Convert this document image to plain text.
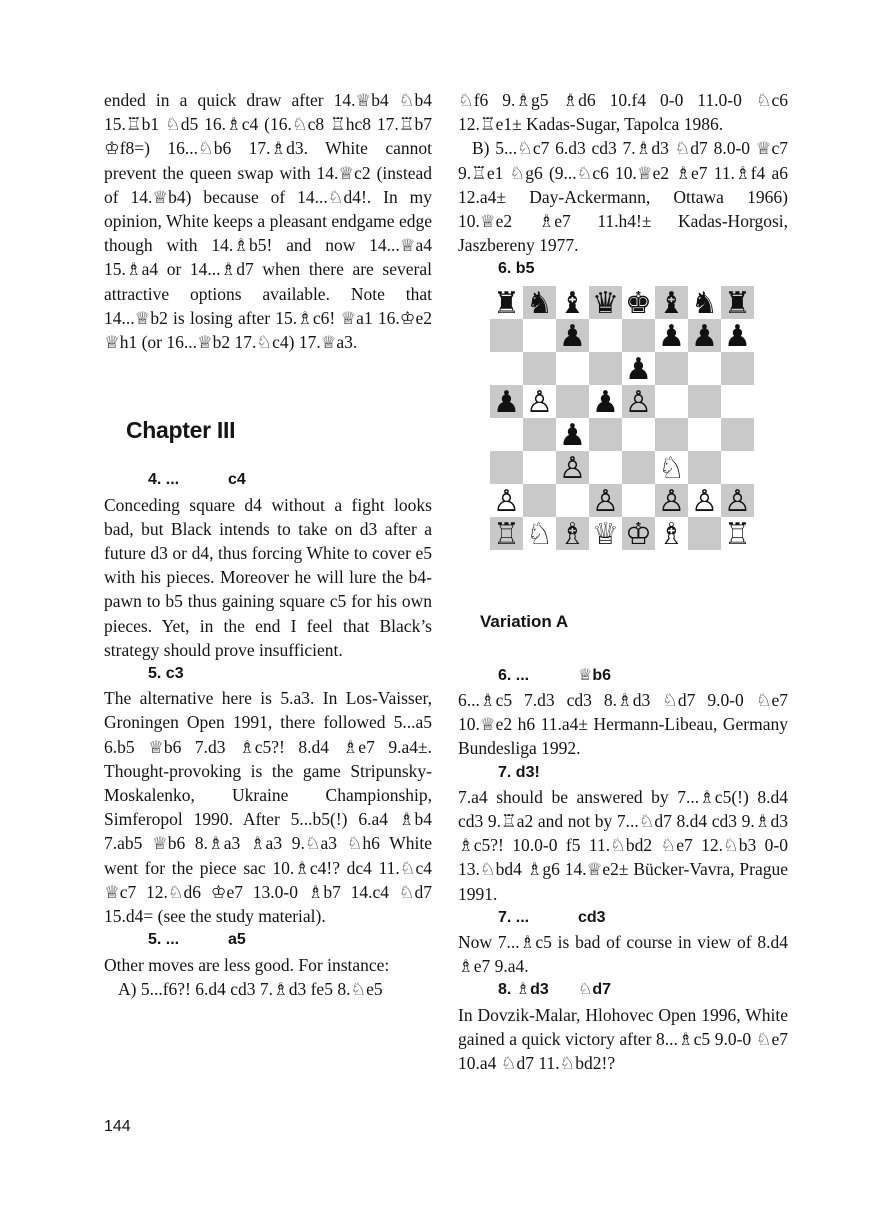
ended in a quick draw after 14.♕b4 ♘b4 15.♖b1 ♘d5 16.♗c4 (16.♘c8 ♖hc8 17.♖b7 ♔f8=) 16...♘b6 17.♗d3. White cannot prevent the queen swap with 14.♕c2 (instead of 14.♕b4) because of 14...♘d4!. In my opinion, White keeps a pleasant endgame edge though with 14.♗b5! and now 14...♕a4 15.♗a4 or 14...♗d7 when there are several attractive options available. Note that 14...♕b2 is losing after 15.♗c6! ♕a1 16.♔e2 ♕h1 (or 16...♕b2 17.♘c4) 17.♕a3.

Chapter III

4. ...	c4

Conceding square d4 without a fight looks bad, but Black intends to take on d3 after a future d3 or d4, thus forcing White to cover e5 with his pieces. Moreover he will lure the b4-pawn to b5 thus gaining square c5 for his own pieces. Yet, in the end I feel that Black’s strategy should prove insufficient.

5. c3

The alternative here is 5.a3. In Los-Vaisser, Groningen Open 1991, there followed 5...a5 6.b5 ♕b6 7.d3 ♗c5?! 8.d4 ♗e7 9.a4±. Thought-provoking is the game Stripunsky-Moskalenko, Ukraine Championship, Simferopol 1990. After 5...b5(!) 6.a4 ♗b4 7.ab5 ♕b6 8.♗a3 ♗a3 9.♘a3 ♘h6 White went for the piece sac 10.♗c4!? dc4 11.♘c4 ♕c7 12.♘d6 ♔e7 13.0-0 ♗b7 14.c4 ♘d7 15.d4= (see the study material).

5. ...	a5

Other moves are less good. For instance:

A) 5...f6?! 6.d4 cd3 7.♗d3 fe5 8.♘e5

♘f6 9.♗g5 ♗d6 10.f4 0-0 11.0-0 ♘c6 12.♖e1± Kadas-Sugar, Tapolca 1986.

B) 5...♘c7 6.d3 cd3 7.♗d3 ♘d7 8.0-0 ♕c7 9.♖e1 ♘g6 (9...♘c6 10.♕e2 ♗e7 11.♗f4 a6 12.a4± Day-Ackermann, Ottawa 1966) 10.♕e2 ♗e7 11.h4!± Kadas-Horgosi, Jaszbereny 1977.

6. b5

♜ ♞ ♝ ♛ ♚ ♝ ♞ ♜
♟ ♟ ♟ ♟
♟
♟ ♙ ♟ ♙
♟
♙ ♘
♙ ♙ ♙ ♙ ♙
♖ ♘ ♗ ♕ ♔ ♗ ♖
Variation A

6. ...	♕b6

6...♗c5 7.d3 cd3 8.♗d3 ♘d7 9.0-0 ♘e7 10.♕e2 h6 11.a4± Hermann-Libeau, Germany Bundesliga 1992.

7. d3!

7.a4 should be answered by 7...♗c5(!) 8.d4 cd3 9.♖a2 and not by 7...♘d7 8.d4 cd3 9.♗d3 ♗c5?! 10.0-0 f5 11.♘bd2 ♘e7 12.♘b3 0-0 13.♘bd4 ♗g6 14.♕e2± Bücker-Vavra, Prague 1991.

7. ...	cd3

Now 7...♗c5 is bad of course in view of 8.d4 ♗e7 9.a4.

8. ♗d3 ♘d7

In Dovzik-Malar, Hlohovec Open 1996, White gained a quick victory after 8...♗c5 9.0-0 ♘e7 10.a4 ♘d7 11.♘bd2!?

144
